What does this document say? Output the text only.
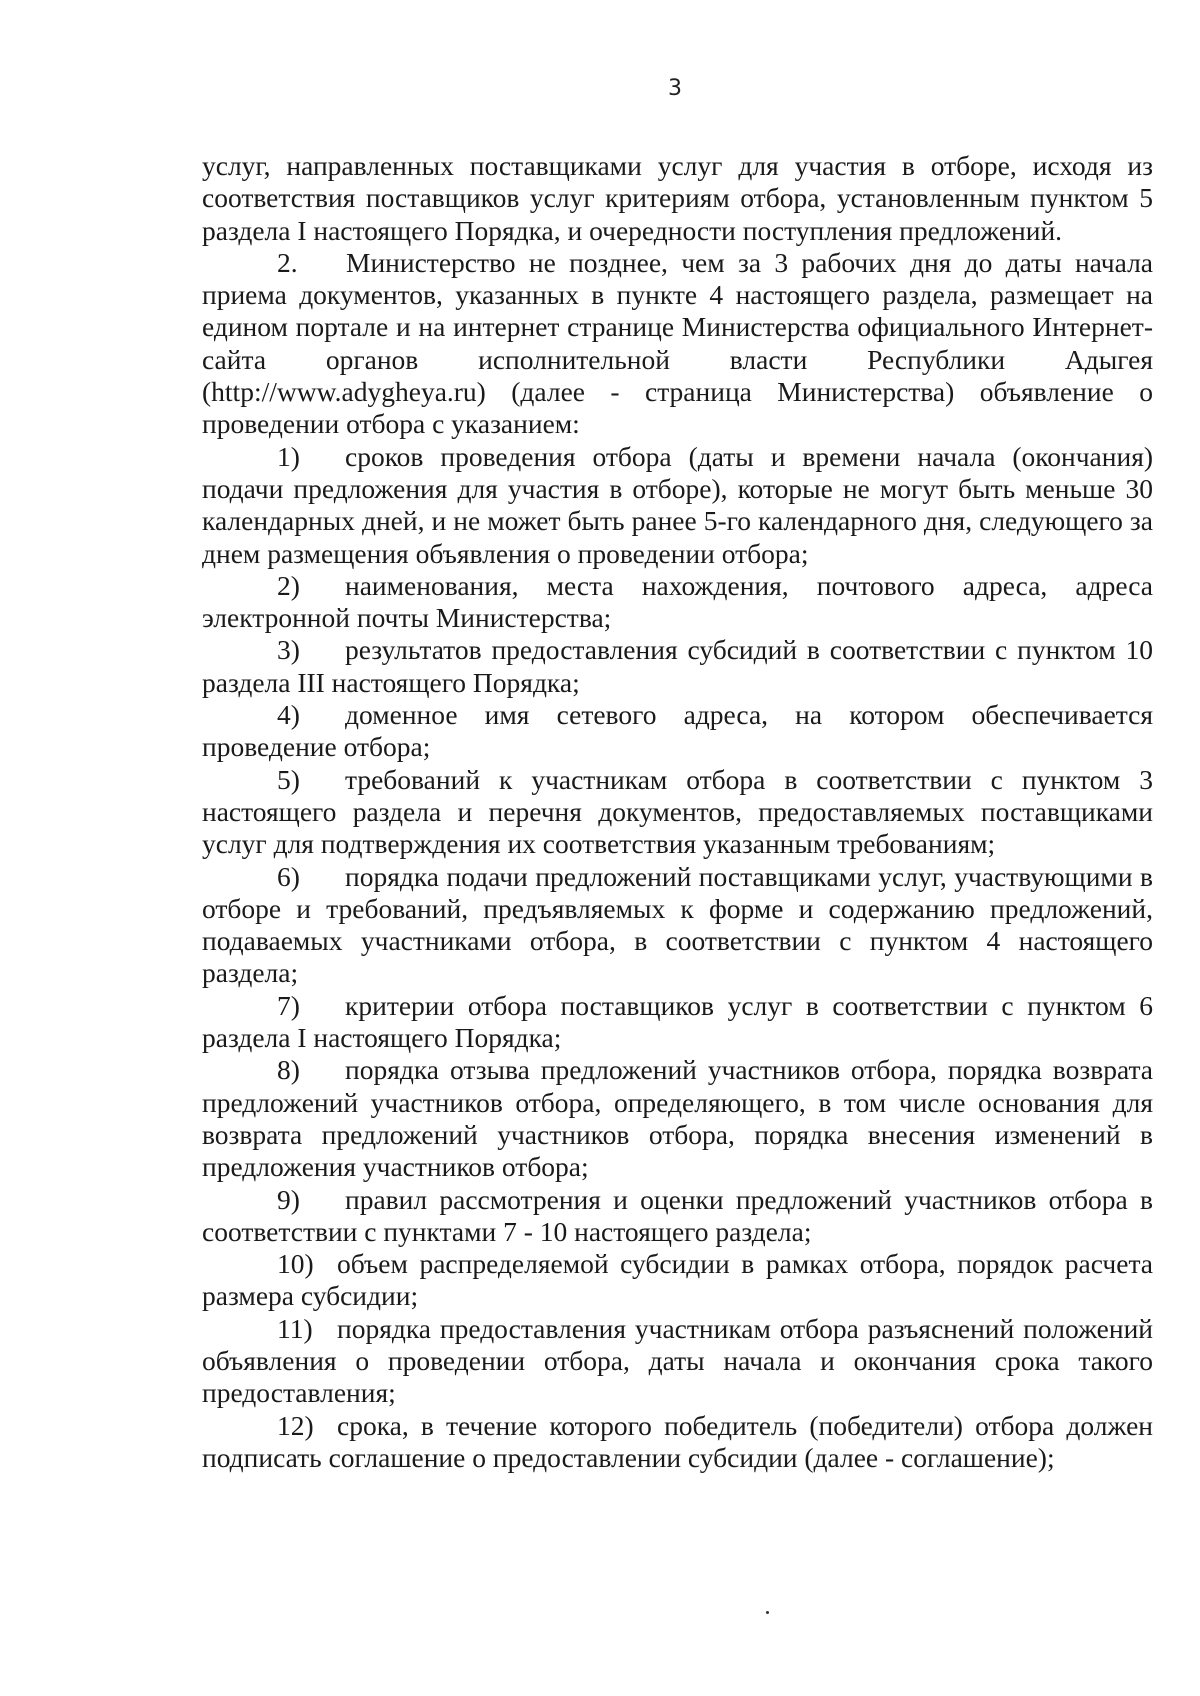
3

услуг, направленных поставщиками услуг для участия в отборе, исходя из соответствия поставщиков услуг критериям отбора, установленным пунктом 5 раздела I настоящего Порядка, и очередности поступления предложений.

2. Министерство не позднее, чем за 3 рабочих дня до даты начала приема документов, указанных в пункте 4 настоящего раздела, размещает на едином портале и на интернет странице Министерства официального Интернет-сайта органов исполнительной власти Республики Адыгея (http://www.adygheya.ru) (далее - страница Министерства) объявление о проведении отбора с указанием:

1) сроков проведения отбора (даты и времени начала (окончания) подачи предложения для участия в отборе), которые не могут быть меньше 30 календарных дней, и не может быть ранее 5-го календарного дня, следующего за днем размещения объявления о проведении отбора;

2) наименования, места нахождения, почтового адреса, адреса электронной почты Министерства;

3) результатов предоставления субсидий в соответствии с пунктом 10 раздела III настоящего Порядка;

4) доменное имя сетевого адреса, на котором обеспечивается проведение отбора;

5) требований к участникам отбора в соответствии с пунктом 3 настоящего раздела и перечня документов, предоставляемых поставщиками услуг для подтверждения их соответствия указанным требованиям;

6) порядка подачи предложений поставщиками услуг, участвующими в отборе и требований, предъявляемых к форме и содержанию предложений, подаваемых участниками отбора, в соответствии с пунктом 4 настоящего раздела;

7) критерии отбора поставщиков услуг в соответствии с пунктом 6 раздела I настоящего Порядка;

8) порядка отзыва предложений участников отбора, порядка возврата предложений участников отбора, определяющего, в том числе основания для возврата предложений участников отбора, порядка внесения изменений в предложения участников отбора;

9) правил рассмотрения и оценки предложений участников отбора в соответствии с пунктами 7 - 10 настоящего раздела;

10) объем распределяемой субсидии в рамках отбора, порядок расчета размера субсидии;

11) порядка предоставления участникам отбора разъяснений положений объявления о проведении отбора, даты начала и окончания срока такого предоставления;

12) срока, в течение которого победитель (победители) отбора должен подписать соглашение о предоставлении субсидии (далее - соглашение);
